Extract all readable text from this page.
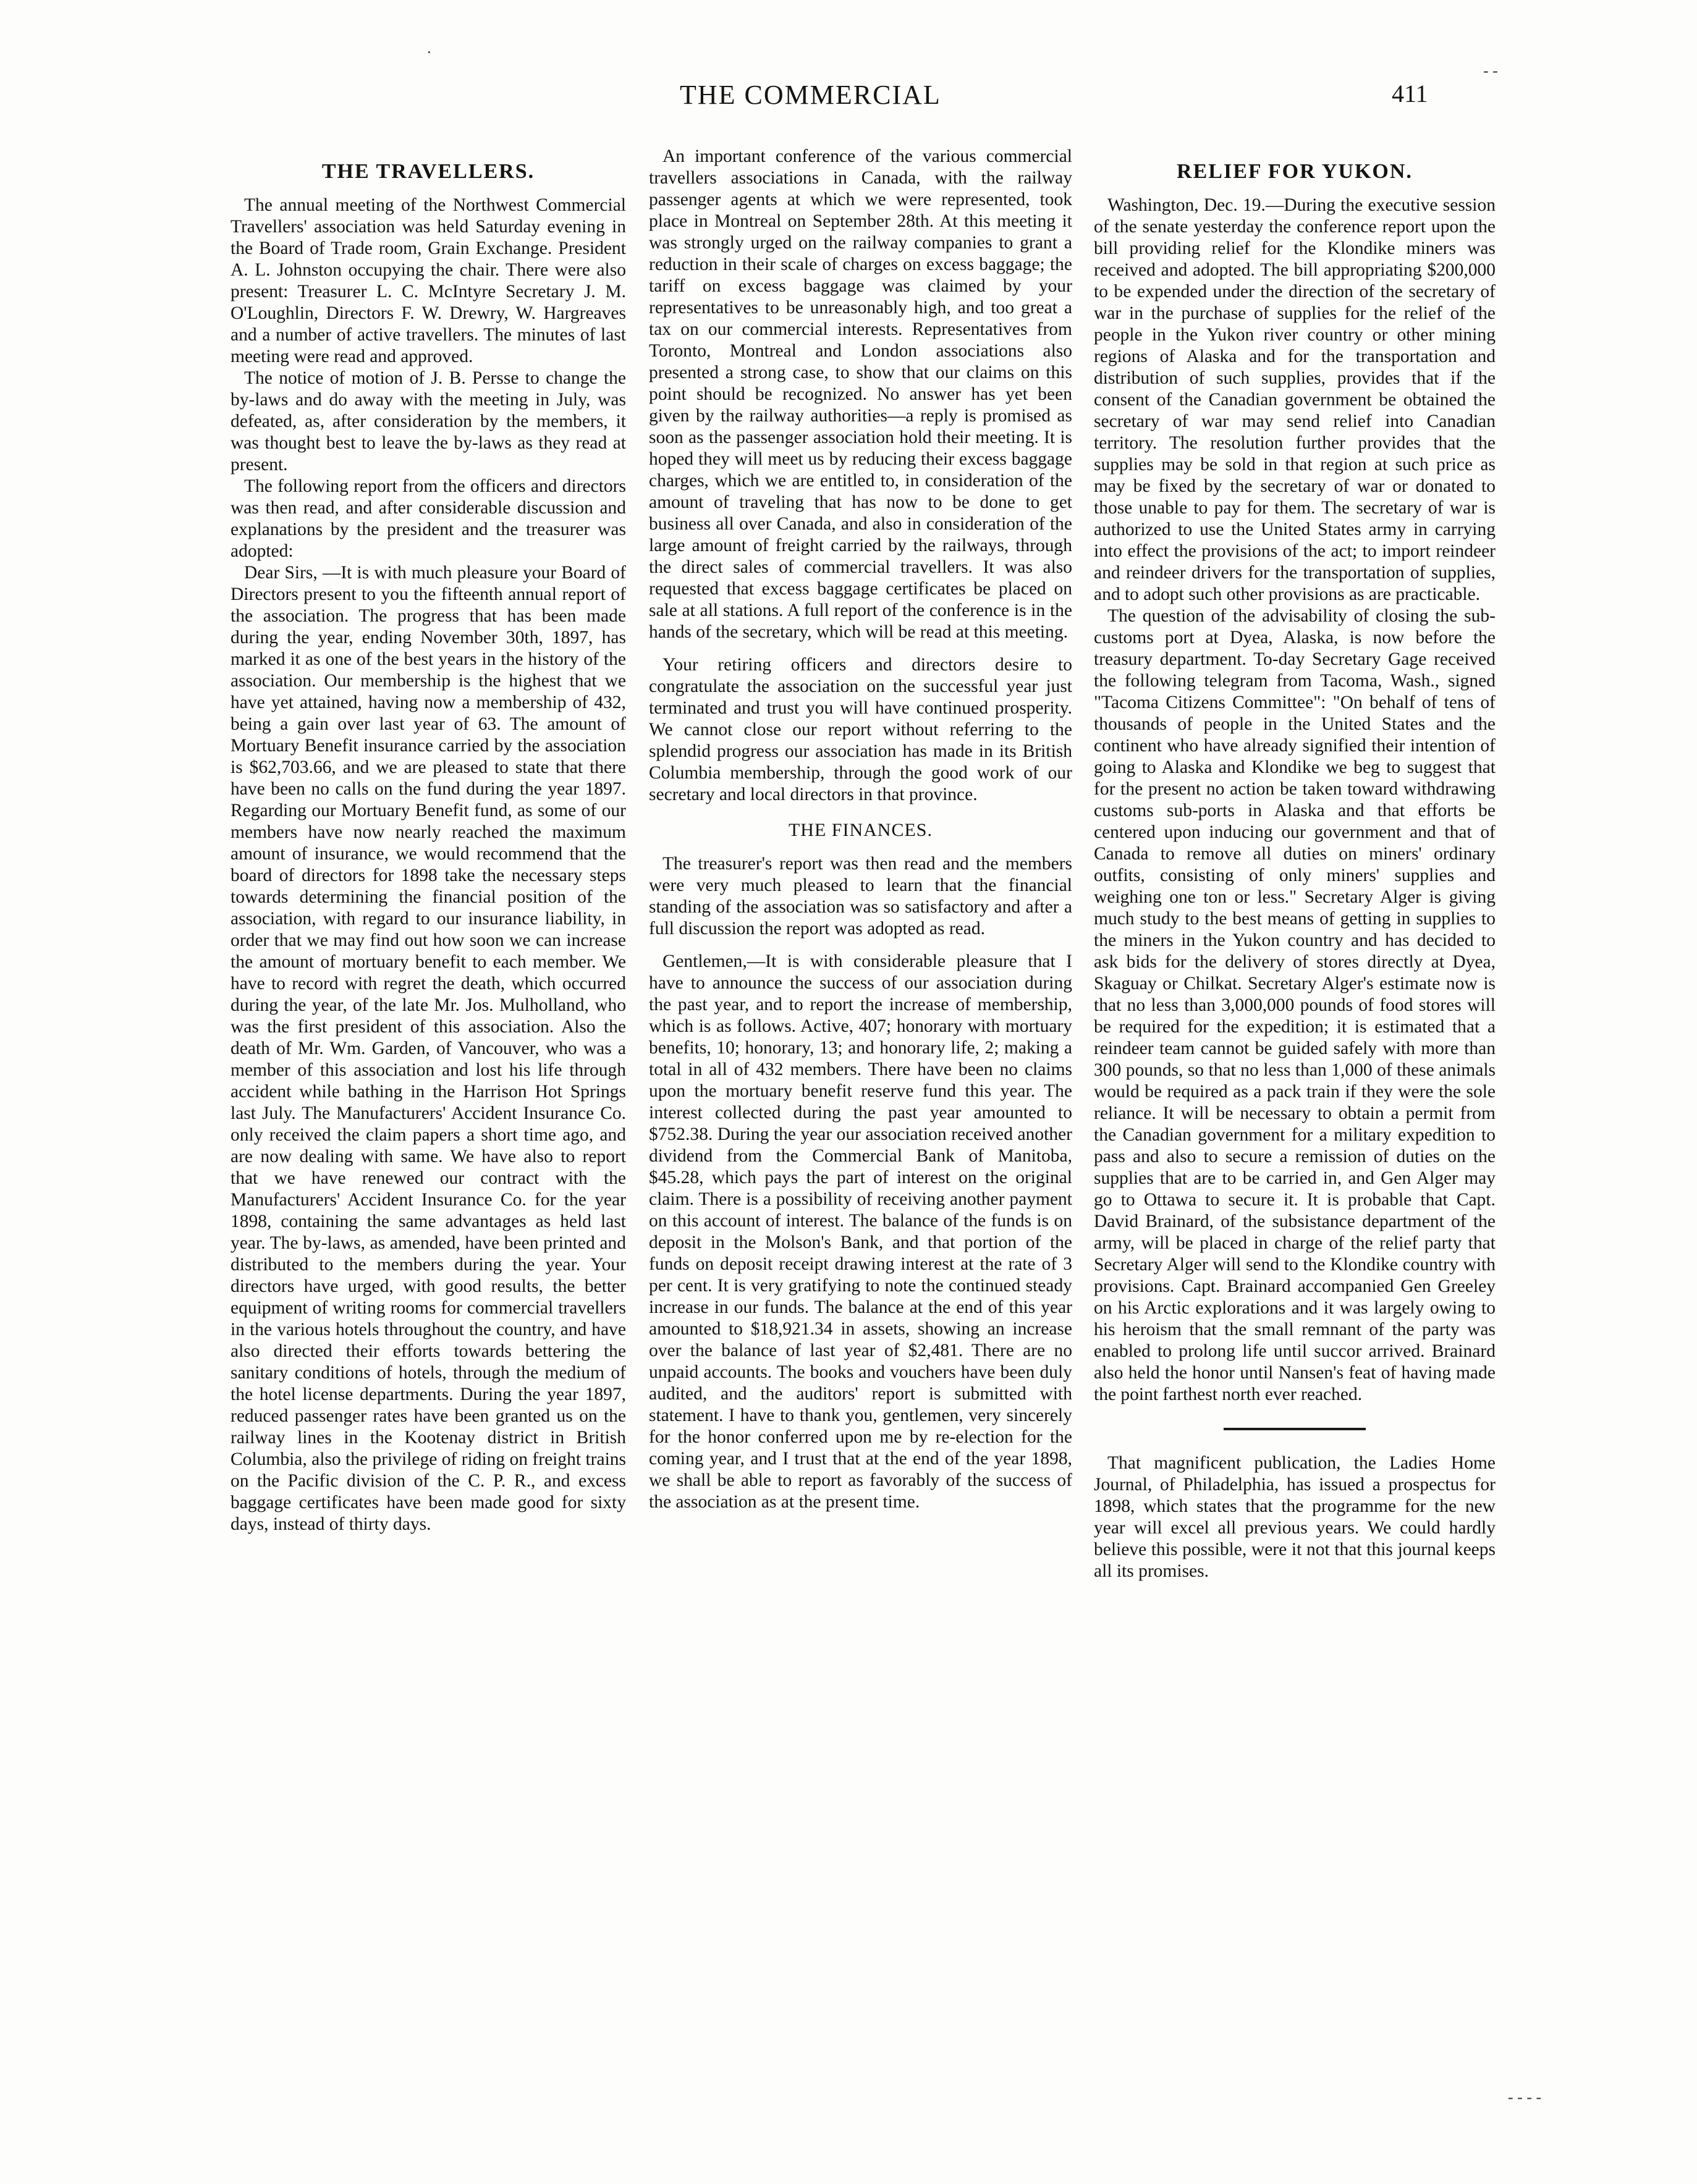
THE COMMERCIAL	411
THE TRAVELLERS.

The annual meeting of the Northwest Commercial Travellers' association was held Saturday evening in the Board of Trade room, Grain Exchange. President A. L. Johnston occupying the chair. There were also present: Treasurer L. C. McIntyre Secretary J. M. O'Loughlin, Directors F. W. Drewry, W. Hargreaves and a number of active travellers. The minutes of last meeting were read and approved.

The notice of motion of J. B. Persse to change the by-laws and do away with the meeting in July, was defeated, as, after consideration by the members, it was thought best to leave the by-laws as they read at present.

The following report from the officers and directors was then read, and after considerable discussion and explanations by the president and the treasurer was adopted:

Dear Sirs, —It is with much pleasure your Board of Directors present to you the fifteenth annual report of the association. The progress that has been made during the year, ending November 30th, 1897, has marked it as one of the best years in the history of the association. Our membership is the highest that we have yet attained, having now a membership of 432, being a gain over last year of 63. The amount of Mortuary Benefit insurance carried by the association is $62,703.66, and we are pleased to state that there have been no calls on the fund during the year 1897. Regarding our Mortuary Benefit fund, as some of our members have now nearly reached the maximum amount of insurance, we would recommend that the board of directors for 1898 take the necessary steps towards determining the financial position of the association, with regard to our insurance liability, in order that we may find out how soon we can increase the amount of mortuary benefit to each member. We have to record with regret the death, which occurred during the year, of the late Mr. Jos. Mulholland, who was the first president of this association. Also the death of Mr. Wm. Garden, of Vancouver, who was a member of this association and lost his life through accident while bathing in the Harrison Hot Springs last July. The Manufacturers' Accident Insurance Co. only received the claim papers a short time ago, and are now dealing with same. We have also to report that we have renewed our contract with the Manufacturers' Accident Insurance Co. for the year 1898, containing the same advantages as held last year. The by-laws, as amended, have been printed and distributed to the members during the year. Your directors have urged, with good results, the better equipment of writing rooms for commercial travellers in the various hotels throughout the country, and have also directed their efforts towards bettering the sanitary conditions of hotels, through the medium of the hotel license departments. During the year 1897, reduced passenger rates have been granted us on the railway lines in the Kootenay district in British Columbia, also the privilege of riding on freight trains on the Pacific division of the C. P. R., and excess baggage certificates have been made good for sixty days, instead of thirty days.

An important conference of the various commercial travellers associations in Canada, with the railway passenger agents at which we were represented, took place in Montreal on September 28th. At this meeting it was strongly urged on the railway companies to grant a reduction in their scale of charges on excess baggage; the tariff on excess baggage was claimed by your representatives to be unreasonably high, and too great a tax on our commercial interests. Representatives from Toronto, Montreal and London associations also presented a strong case, to show that our claims on this point should be recognized. No answer has yet been given by the railway authorities—a reply is promised as soon as the passenger association hold their meeting. It is hoped they will meet us by reducing their excess baggage charges, which we are entitled to, in consideration of the amount of traveling that has now to be done to get business all over Canada, and also in consideration of the large amount of freight carried by the railways, through the direct sales of commercial travellers. It was also requested that excess baggage certificates be placed on sale at all stations. A full report of the conference is in the hands of the secretary, which will be read at this meeting.

Your retiring officers and directors desire to congratulate the association on the successful year just terminated and trust you will have continued prosperity. We cannot close our report without referring to the splendid progress our association has made in its British Columbia membership, through the good work of our secretary and local directors in that province.

THE FINANCES.

The treasurer's report was then read and the members were very much pleased to learn that the financial standing of the association was so satisfactory and after a full discussion the report was adopted as read.

Gentlemen,—It is with considerable pleasure that I have to announce the success of our association during the past year, and to report the increase of membership, which is as follows. Active, 407; honorary with mortuary benefits, 10; honorary, 13; and honorary life, 2; making a total in all of 432 members. There have been no claims upon the mortuary benefit reserve fund this year. The interest collected during the past year amounted to $752.38. During the year our association received another dividend from the Commercial Bank of Manitoba, $45.28, which pays the part of interest on the original claim. There is a possibility of receiving another payment on this account of interest. The balance of the funds is on deposit in the Molson's Bank, and that portion of the funds on deposit receipt drawing interest at the rate of 3 per cent. It is very gratifying to note the continued steady increase in our funds. The balance at the end of this year amounted to $18,921.34 in assets, showing an increase over the balance of last year of $2,481. There are no unpaid accounts. The books and vouchers have been duly audited, and the auditors' report is submitted with statement. I have to thank you, gentlemen, very sincerely for the honor conferred upon me by re-election for the coming year, and I trust that at the end of the year 1898, we shall be able to report as favorably of the success of the association as at the present time.

RELIEF FOR YUKON.

Washington, Dec. 19.—During the executive session of the senate yesterday the conference report upon the bill providing relief for the Klondike miners was received and adopted. The bill appropriating $200,000 to be expended under the direction of the secretary of war in the purchase of supplies for the relief of the people in the Yukon river country or other mining regions of Alaska and for the transportation and distribution of such supplies, provides that if the consent of the Canadian government be obtained the secretary of war may send relief into Canadian territory. The resolution further provides that the supplies may be sold in that region at such price as may be fixed by the secretary of war or donated to those unable to pay for them. The secretary of war is authorized to use the United States army in carrying into effect the provisions of the act; to import reindeer and reindeer drivers for the transportation of supplies, and to adopt such other provisions as are practicable.

The question of the advisability of closing the sub-customs port at Dyea, Alaska, is now before the treasury department. To-day Secretary Gage received the following telegram from Tacoma, Wash., signed "Tacoma Citizens Committee": "On behalf of tens of thousands of people in the United States and the continent who have already signified their intention of going to Alaska and Klondike we beg to suggest that for the present no action be taken toward withdrawing customs sub-ports in Alaska and that efforts be centered upon inducing our government and that of Canada to remove all duties on miners' ordinary outfits, consisting of only miners' supplies and weighing one ton or less." Secretary Alger is giving much study to the best means of getting in supplies to the miners in the Yukon country and has decided to ask bids for the delivery of stores directly at Dyea, Skaguay or Chilkat. Secretary Alger's estimate now is that no less than 3,000,000 pounds of food stores will be required for the expedition; it is estimated that a reindeer team cannot be guided safely with more than 300 pounds, so that no less than 1,000 of these animals would be required as a pack train if they were the sole reliance. It will be necessary to obtain a permit from the Canadian government for a military expedition to pass and also to secure a remission of duties on the supplies that are to be carried in, and Gen Alger may go to Ottawa to secure it. It is probable that Capt. David Brainard, of the subsistance department of the army, will be placed in charge of the relief party that Secretary Alger will send to the Klondike country with provisions. Capt. Brainard accompanied Gen Greeley on his Arctic explorations and it was largely owing to his heroism that the small remnant of the party was enabled to prolong life until succor arrived. Brainard also held the honor until Nansen's feat of having made the point farthest north ever reached.

That magnificent publication, the Ladies Home Journal, of Philadelphia, has issued a prospectus for 1898, which states that the programme for the new year will excel all previous years. We could hardly believe this possible, were it not that this journal keeps all its promises.

·
- -
- - - -
